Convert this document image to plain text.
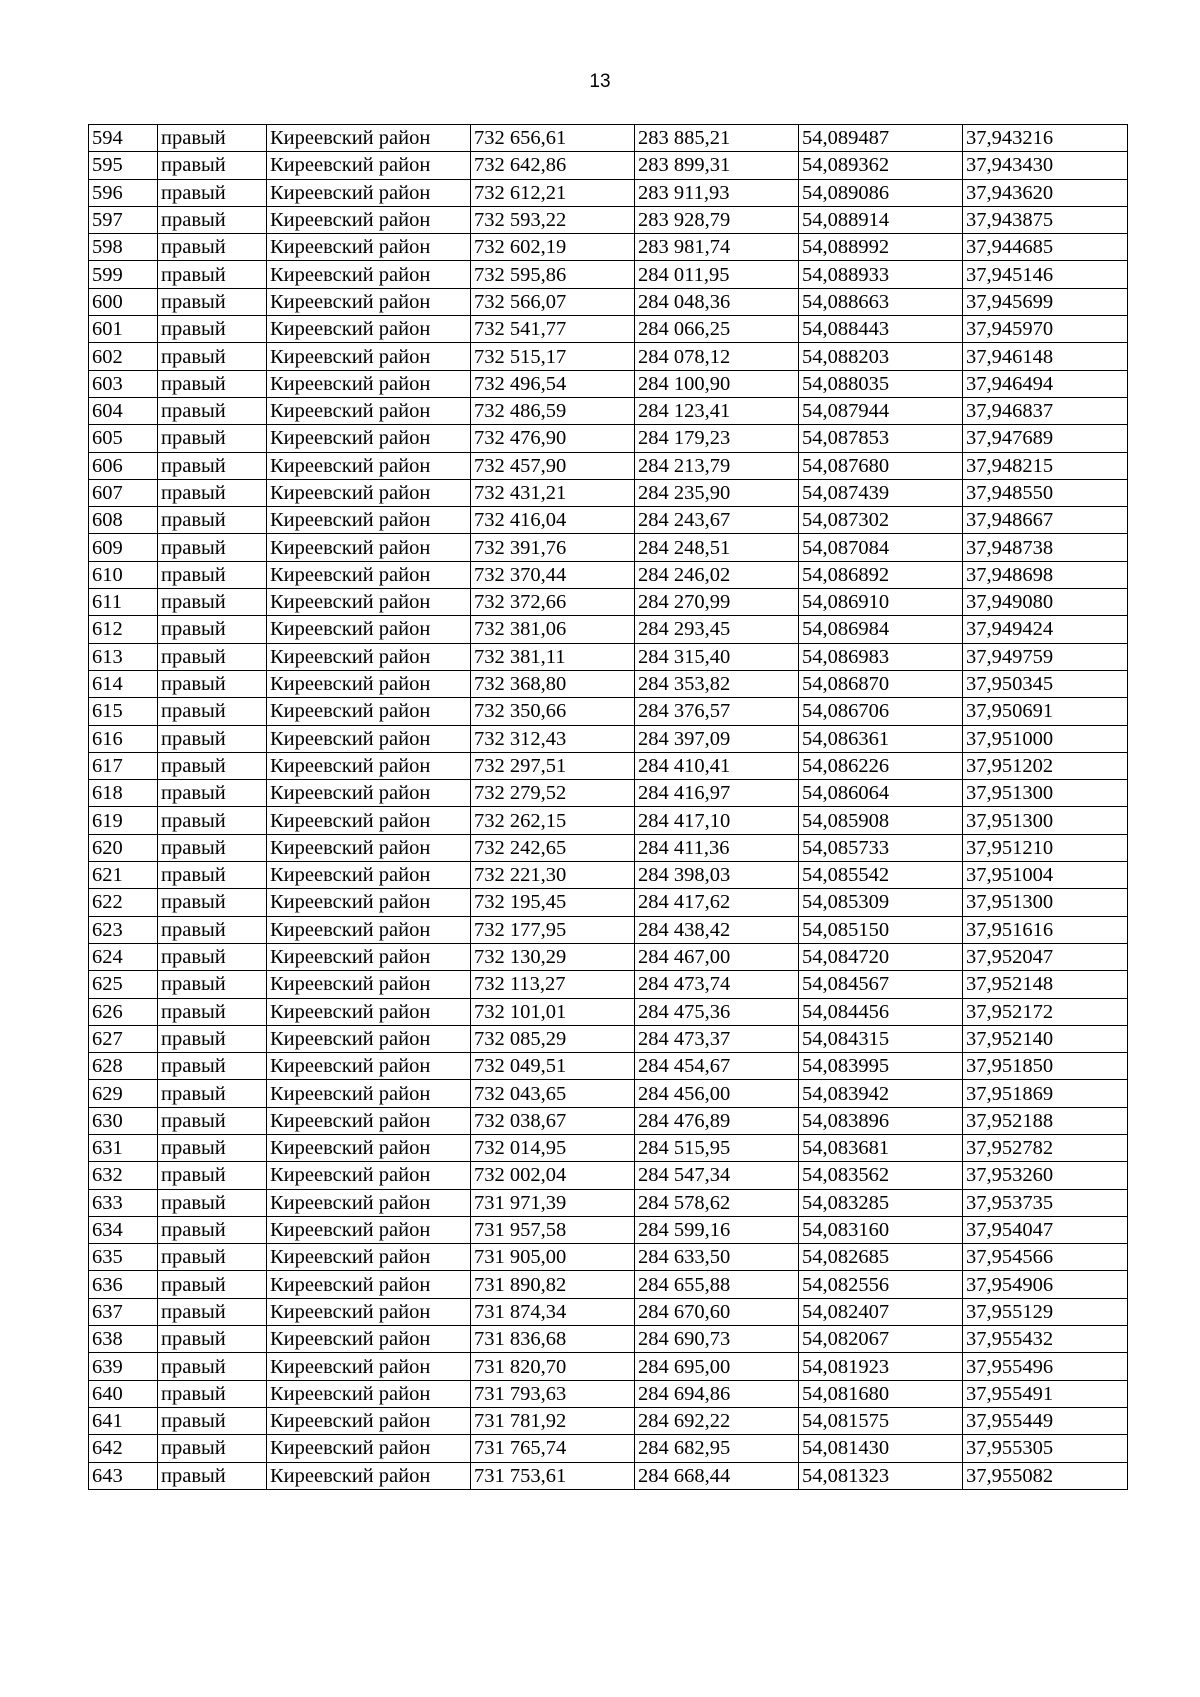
13
594	правый	Киреевский район	732 656,61	283 885,21	54,089487	37,943216
595	правый	Киреевский район	732 642,86	283 899,31	54,089362	37,943430
596	правый	Киреевский район	732 612,21	283 911,93	54,089086	37,943620
597	правый	Киреевский район	732 593,22	283 928,79	54,088914	37,943875
598	правый	Киреевский район	732 602,19	283 981,74	54,088992	37,944685
599	правый	Киреевский район	732 595,86	284 011,95	54,088933	37,945146
600	правый	Киреевский район	732 566,07	284 048,36	54,088663	37,945699
601	правый	Киреевский район	732 541,77	284 066,25	54,088443	37,945970
602	правый	Киреевский район	732 515,17	284 078,12	54,088203	37,946148
603	правый	Киреевский район	732 496,54	284 100,90	54,088035	37,946494
604	правый	Киреевский район	732 486,59	284 123,41	54,087944	37,946837
605	правый	Киреевский район	732 476,90	284 179,23	54,087853	37,947689
606	правый	Киреевский район	732 457,90	284 213,79	54,087680	37,948215
607	правый	Киреевский район	732 431,21	284 235,90	54,087439	37,948550
608	правый	Киреевский район	732 416,04	284 243,67	54,087302	37,948667
609	правый	Киреевский район	732 391,76	284 248,51	54,087084	37,948738
610	правый	Киреевский район	732 370,44	284 246,02	54,086892	37,948698
611	правый	Киреевский район	732 372,66	284 270,99	54,086910	37,949080
612	правый	Киреевский район	732 381,06	284 293,45	54,086984	37,949424
613	правый	Киреевский район	732 381,11	284 315,40	54,086983	37,949759
614	правый	Киреевский район	732 368,80	284 353,82	54,086870	37,950345
615	правый	Киреевский район	732 350,66	284 376,57	54,086706	37,950691
616	правый	Киреевский район	732 312,43	284 397,09	54,086361	37,951000
617	правый	Киреевский район	732 297,51	284 410,41	54,086226	37,951202
618	правый	Киреевский район	732 279,52	284 416,97	54,086064	37,951300
619	правый	Киреевский район	732 262,15	284 417,10	54,085908	37,951300
620	правый	Киреевский район	732 242,65	284 411,36	54,085733	37,951210
621	правый	Киреевский район	732 221,30	284 398,03	54,085542	37,951004
622	правый	Киреевский район	732 195,45	284 417,62	54,085309	37,951300
623	правый	Киреевский район	732 177,95	284 438,42	54,085150	37,951616
624	правый	Киреевский район	732 130,29	284 467,00	54,084720	37,952047
625	правый	Киреевский район	732 113,27	284 473,74	54,084567	37,952148
626	правый	Киреевский район	732 101,01	284 475,36	54,084456	37,952172
627	правый	Киреевский район	732 085,29	284 473,37	54,084315	37,952140
628	правый	Киреевский район	732 049,51	284 454,67	54,083995	37,951850
629	правый	Киреевский район	732 043,65	284 456,00	54,083942	37,951869
630	правый	Киреевский район	732 038,67	284 476,89	54,083896	37,952188
631	правый	Киреевский район	732 014,95	284 515,95	54,083681	37,952782
632	правый	Киреевский район	732 002,04	284 547,34	54,083562	37,953260
633	правый	Киреевский район	731 971,39	284 578,62	54,083285	37,953735
634	правый	Киреевский район	731 957,58	284 599,16	54,083160	37,954047
635	правый	Киреевский район	731 905,00	284 633,50	54,082685	37,954566
636	правый	Киреевский район	731 890,82	284 655,88	54,082556	37,954906
637	правый	Киреевский район	731 874,34	284 670,60	54,082407	37,955129
638	правый	Киреевский район	731 836,68	284 690,73	54,082067	37,955432
639	правый	Киреевский район	731 820,70	284 695,00	54,081923	37,955496
640	правый	Киреевский район	731 793,63	284 694,86	54,081680	37,955491
641	правый	Киреевский район	731 781,92	284 692,22	54,081575	37,955449
642	правый	Киреевский район	731 765,74	284 682,95	54,081430	37,955305
643	правый	Киреевский район	731 753,61	284 668,44	54,081323	37,955082
